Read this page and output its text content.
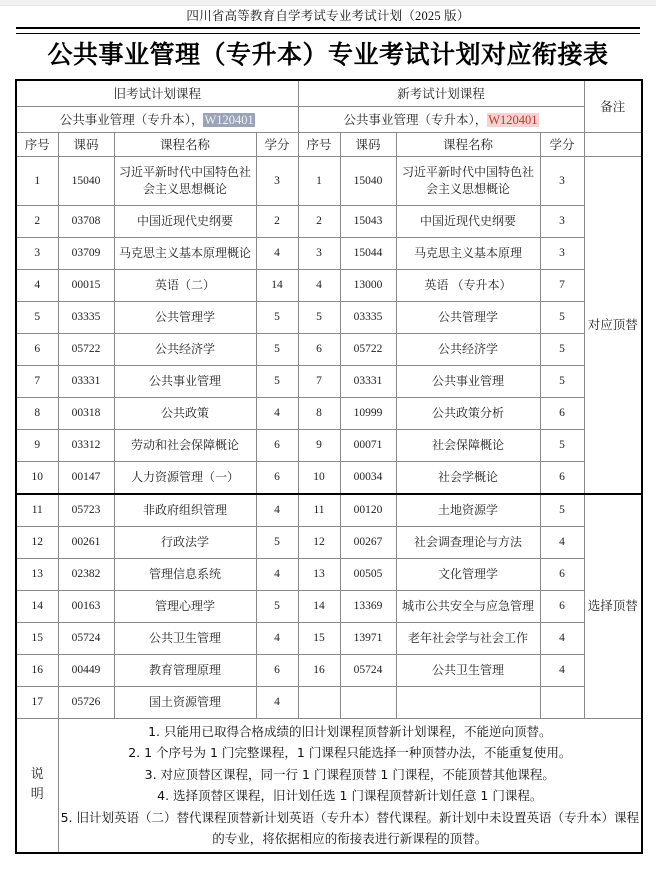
四川省高等教育自学考试专业考试计划（2025 版）
公共事业管理（专升本）专业考试计划对应衔接表
旧考试计划课程				新考试计划课程				备注
公共事业管理（专升本），W120401				公共事业管理（专升本），W120401				
序号	课码	课程名称	学分	序号	课码	课程名称	学分	
1	15040	习近平新时代中国特色社会主义思想概论	3	1	15040	习近平新时代中国特色社会主义思想概论	3	对应顶替

2	03708	中国近现代史纲要	2	2	15043	中国近现代史纲要	3	
3	03709	马克思主义基本原理概论	4	3	15044	马克思主义基本原理	3	
4	00015	英语（二）	14	4	13000	英语 （专升本）	7	
5	03335	公共管理学	5	5	03335	公共管理学	5	
6	05722	公共经济学	5	6	05722	公共经济学	5	
7	03331	公共事业管理	5	7	03331	公共事业管理	5	
8	00318	公共政策	4	8	10999	公共政策分析	6	
9	03312	劳动和社会保障概论	6	9	00071	社会保障概论	5	
10	00147	人力资源管理（一）	6	10	00034	社会学概论	6	
11	05723	非政府组织管理	4	11	00120	土地资源学	5	选择顶替

12	00261	行政法学	5	12	00267	社会调查理论与方法	4	
13	02382	管理信息系统	4	13	00505	文化管理学	6	
14	00163	管理心理学	5	14	13369	城市公共安全与应急管理	6	
15	05724	公共卫生管理	4	15	13971	老年社会学与社会工作	4	
16	00449	教育管理原理	6	16	05724	公共卫生管理	4	
17	05726	国土资源管理	4					

说
明

1. 只能用已取得合格成绩的旧计划课程顶替新计划课程，不能逆向顶替。

2. 1 个序号为 1 门完整课程，1 门课程只能选择一种顶替办法，不能重复使用。

3. 对应顶替区课程，同一行 1 门课程顶替 1 门课程，不能顶替其他课程。

4. 选择顶替区课程，旧计划任选 1 门课程顶替新计划任意 1 门课程。

5. 旧计划英语（二）替代课程顶替新计划英语（专升本）替代课程。新计划中未设置英语（专升本）课程的专业，将依据相应的衔接表进行新课程的顶替。
